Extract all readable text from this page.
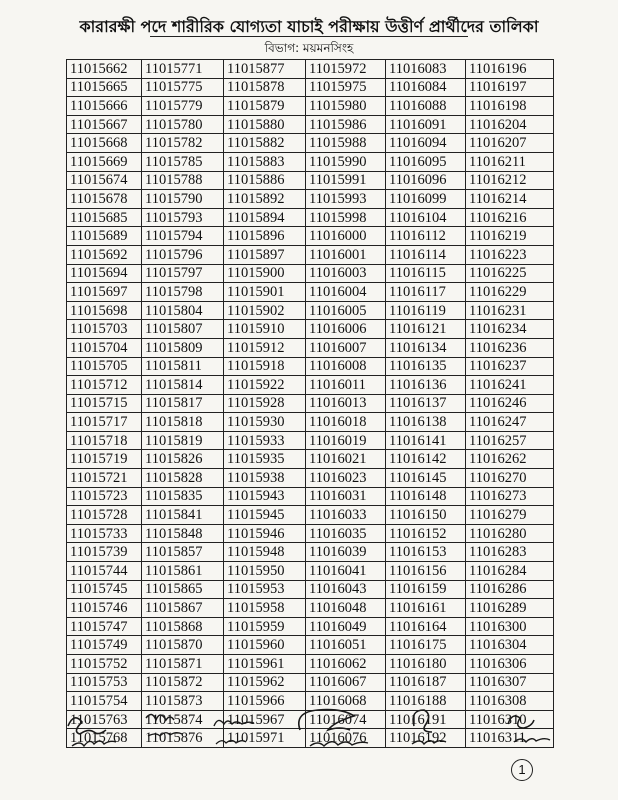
কারারক্ষী পদে শারীরিক যোগ্যতা যাচাই পরীক্ষায় উত্তীর্ণ প্রার্থীদের তালিকা
বিভাগ: ময়মনসিংহ
11015662	11015771	11015877	11015972	11016083	11016196
11015665	11015775	11015878	11015975	11016084	11016197
11015666	11015779	11015879	11015980	11016088	11016198
11015667	11015780	11015880	11015986	11016091	11016204
11015668	11015782	11015882	11015988	11016094	11016207
11015669	11015785	11015883	11015990	11016095	11016211
11015674	11015788	11015886	11015991	11016096	11016212
11015678	11015790	11015892	11015993	11016099	11016214
11015685	11015793	11015894	11015998	11016104	11016216
11015689	11015794	11015896	11016000	11016112	11016219
11015692	11015796	11015897	11016001	11016114	11016223
11015694	11015797	11015900	11016003	11016115	11016225
11015697	11015798	11015901	11016004	11016117	11016229
11015698	11015804	11015902	11016005	11016119	11016231
11015703	11015807	11015910	11016006	11016121	11016234
11015704	11015809	11015912	11016007	11016134	11016236
11015705	11015811	11015918	11016008	11016135	11016237
11015712	11015814	11015922	11016011	11016136	11016241
11015715	11015817	11015928	11016013	11016137	11016246
11015717	11015818	11015930	11016018	11016138	11016247
11015718	11015819	11015933	11016019	11016141	11016257
11015719	11015826	11015935	11016021	11016142	11016262
11015721	11015828	11015938	11016023	11016145	11016270
11015723	11015835	11015943	11016031	11016148	11016273
11015728	11015841	11015945	11016033	11016150	11016279
11015733	11015848	11015946	11016035	11016152	11016280
11015739	11015857	11015948	11016039	11016153	11016283
11015744	11015861	11015950	11016041	11016156	11016284
11015745	11015865	11015953	11016043	11016159	11016286
11015746	11015867	11015958	11016048	11016161	11016289
11015747	11015868	11015959	11016049	11016164	11016300
11015749	11015870	11015960	11016051	11016175	11016304
11015752	11015871	11015961	11016062	11016180	11016306
11015753	11015872	11015962	11016067	11016187	11016307
11015754	11015873	11015966	11016068	11016188	11016308
11015763	11015874	11015967	11016074	11016191	11016310
11015768	11015876	11015971	11016076	11016192	11016311
1
